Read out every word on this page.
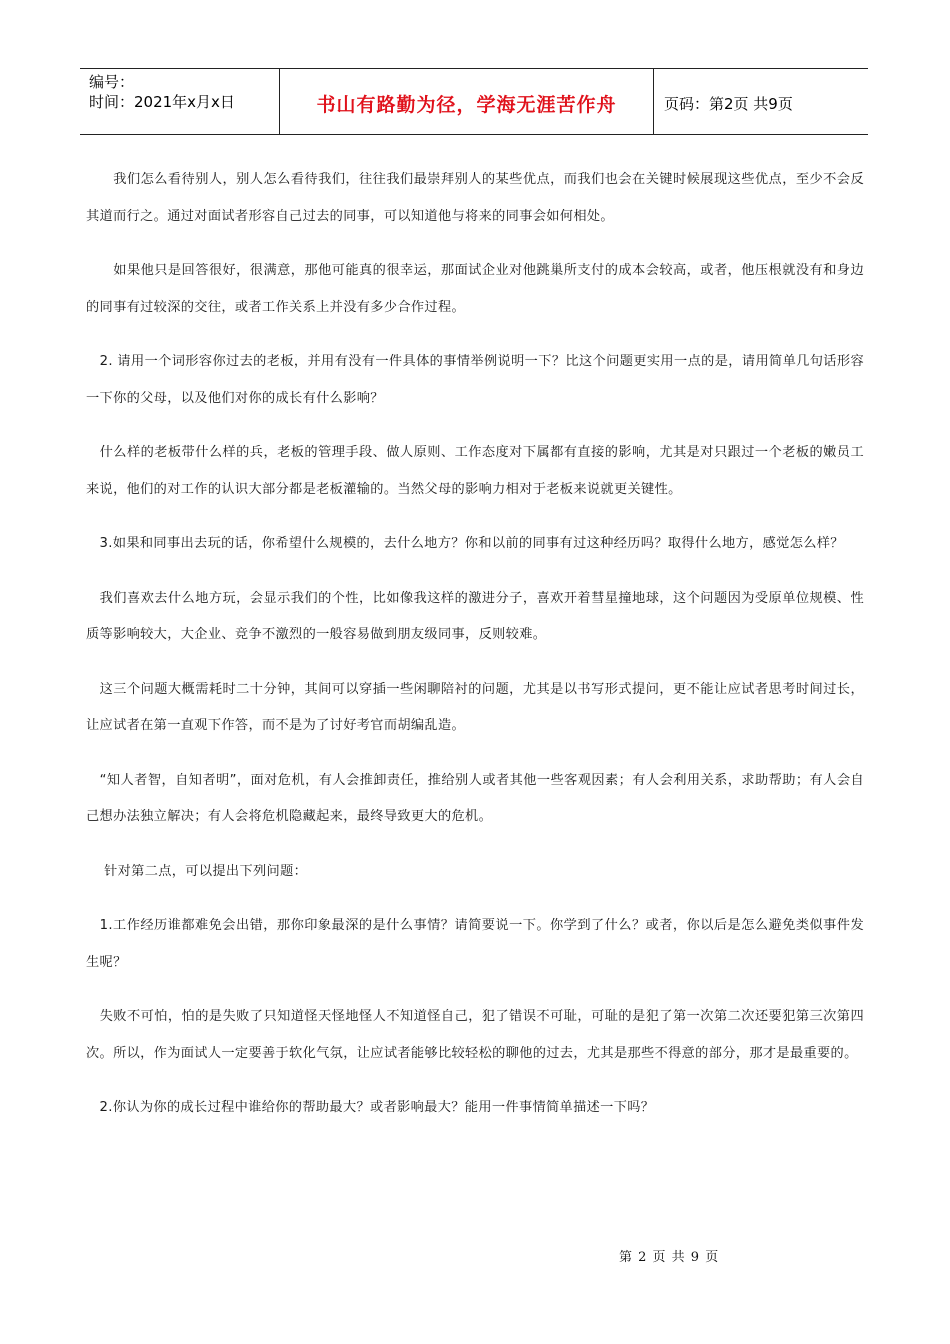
编号：
时间：2021年x月x日	书山有路勤为径，学海无涯苦作舟	页码：第2页 共9页

　　我们怎么看待别人，别人怎么看待我们，往往我们最崇拜别人的某些优点，而我们也会在关键时候展现这些优点，至少不会反其道而行之。通过对面试者形容自己过去的同事，可以知道他与将来的同事会如何相处。

　　如果他只是回答很好，很满意，那他可能真的很幸运，那面试企业对他跳巢所支付的成本会较高，或者，他压根就没有和身边的同事有过较深的交往，或者工作关系上并没有多少合作过程。

　2. 请用一个词形容你过去的老板，并用有没有一件具体的事情举例说明一下？比这个问题更实用一点的是，请用简单几句话形容一下你的父母，以及他们对你的成长有什么影响？

　什么样的老板带什么样的兵，老板的管理手段、做人原则、工作态度对下属都有直接的影响，尤其是对只跟过一个老板的嫩员工来说，他们的对工作的认识大部分都是老板灌输的。当然父母的影响力相对于老板来说就更关键性。

　3.如果和同事出去玩的话，你希望什么规模的，去什么地方？你和以前的同事有过这种经历吗？取得什么地方，感觉怎么样？

　我们喜欢去什么地方玩，会显示我们的个性，比如像我这样的激进分子，喜欢开着彗星撞地球，这个问题因为受原单位规模、性质等影响较大，大企业、竞争不激烈的一般容易做到朋友级同事，反则较难。

　这三个问题大概需耗时二十分钟，其间可以穿插一些闲聊陪衬的问题，尤其是以书写形式提问，更不能让应试者思考时间过长，让应试者在第一直观下作答，而不是为了讨好考官而胡编乱造。

　“知人者智，自知者明”，面对危机，有人会推卸责任，推给别人或者其他一些客观因素；有人会利用关系，求助帮助；有人会自己想办法独立解决；有人会将危机隐藏起来，最终导致更大的危机。

　 针对第二点，可以提出下列问题：

　1.工作经历谁都难免会出错，那你印象最深的是什么事情？请简要说一下。你学到了什么？或者，你以后是怎么避免类似事件发生呢？

　失败不可怕，怕的是失败了只知道怪天怪地怪人不知道怪自己，犯了错误不可耻，可耻的是犯了第一次第二次还要犯第三次第四次。所以，作为面试人一定要善于软化气氛，让应试者能够比较轻松的聊他的过去，尤其是那些不得意的部分，那才是最重要的。

　2.你认为你的成长过程中谁给你的帮助最大？或者影响最大？能用一件事情简单描述一下吗？

第 2 页 共 9 页
